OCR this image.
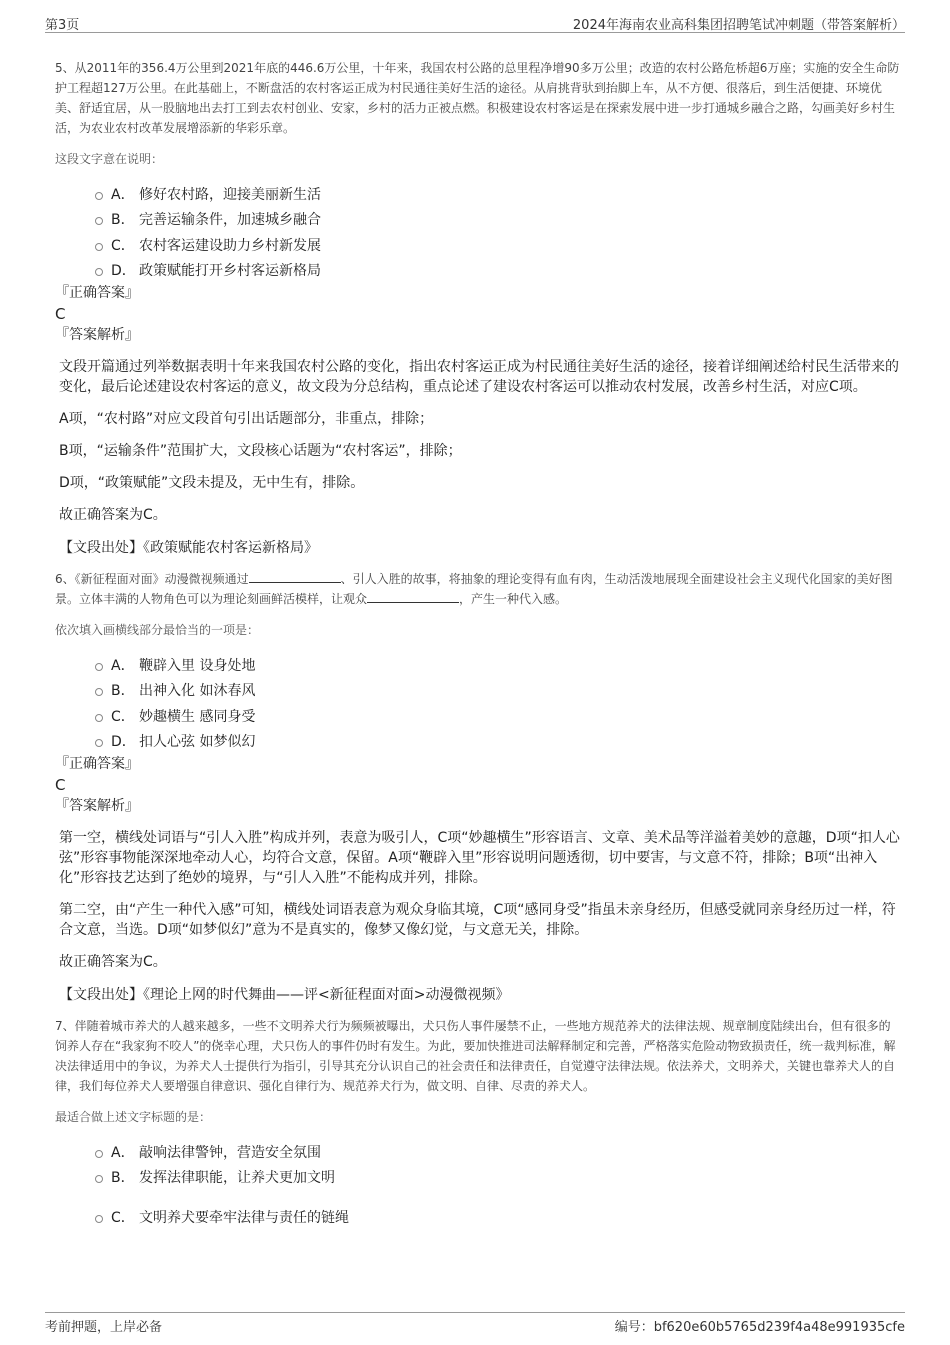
第3页	2024年海南农业高科集团招聘笔试冲刺题（带答案解析）

5、从2011年的356.4万公里到2021年底的446.6万公里，十年来，我国农村公路的总里程净增90多万公里；改造的农村公路危桥超6万座；实施的安全生命防护工程超127万公里。在此基础上，不断盘活的农村客运正成为村民通往美好生活的途径。从肩挑背驮到抬脚上车，从不方便、很落后，到生活便捷、环境优美、舒适宜居，从一股脑地出去打工到去农村创业、安家，乡村的活力正被点燃。积极建设农村客运是在探索发展中进一步打通城乡融合之路，勾画美好乡村生活，为农业农村改革发展增添新的华彩乐章。

这段文字意在说明：

A． 修好农村路，迎接美丽新生活
B． 完善运输条件，加速城乡融合
C． 农村客运建设助力乡村新发展
D． 政策赋能打开乡村客运新格局

『正确答案』

C

『答案解析』

文段开篇通过列举数据表明十年来我国农村公路的变化，指出农村客运正成为村民通往美好生活的途径，接着详细阐述给村民生活带来的变化，最后论述建设农村客运的意义，故文段为分总结构，重点论述了建设农村客运可以推动农村发展，改善乡村生活，对应C项。

A项，“农村路”对应文段首句引出话题部分，非重点，排除；

B项，“运输条件”范围扩大，文段核心话题为“农村客运”，排除；

D项，“政策赋能”文段未提及，无中生有，排除。

故正确答案为C。

【文段出处】《政策赋能农村客运新格局》

6、《新征程面对面》动漫微视频通过	、引人入胜的故事，将抽象的理论变得有血有肉，生动活泼地展现全面建设社会主义现代化国家的美好图景。立体丰满的人物角色可以为理论刻画鲜活模样，让观众	，产生一种代入感。

依次填入画横线部分最恰当的一项是：

A． 鞭辟入里 设身处地
B． 出神入化 如沐春风
C． 妙趣横生 感同身受
D． 扣人心弦 如梦似幻

『正确答案』

C

『答案解析』

第一空，横线处词语与“引人入胜”构成并列，表意为吸引人，C项“妙趣横生”形容语言、文章、美术品等洋溢着美妙的意趣，D项“扣人心弦”形容事物能深深地牵动人心，均符合文意，保留。A项“鞭辟入里”形容说明问题透彻，切中要害，与文意不符，排除；B项“出神入化”形容技艺达到了绝妙的境界，与“引人入胜”不能构成并列，排除。

第二空，由“产生一种代入感”可知，横线处词语表意为观众身临其境，C项“感同身受”指虽未亲身经历，但感受就同亲身经历过一样，符合文意，当选。D项“如梦似幻”意为不是真实的，像梦又像幻觉，与文意无关，排除。

故正确答案为C。

【文段出处】《理论上网的时代舞曲——评<新征程面对面>动漫微视频》

7、伴随着城市养犬的人越来越多，一些不文明养犬行为频频被曝出，犬只伤人事件屡禁不止，一些地方规范养犬的法律法规、规章制度陆续出台，但有很多的饲养人存在“我家狗不咬人”的侥幸心理，犬只伤人的事件仍时有发生。为此，要加快推进司法解释制定和完善，严格落实危险动物致损责任，统一裁判标准，解决法律适用中的争议，为养犬人士提供行为指引，引导其充分认识自己的社会责任和法律责任，自觉遵守法律法规。依法养犬，文明养犬，关键也靠养犬人的自律，我们每位养犬人要增强自律意识、强化自律行为、规范养犬行为，做文明、自律、尽责的养犬人。

最适合做上述文字标题的是：

A． 敲响法律警钟，营造安全氛围
B． 发挥法律职能，让养犬更加文明
C． 文明养犬要牵牢法律与责任的链绳
考前押题，上岸必备	编号：bf620e60b5765d239f4a48e991935cfe
